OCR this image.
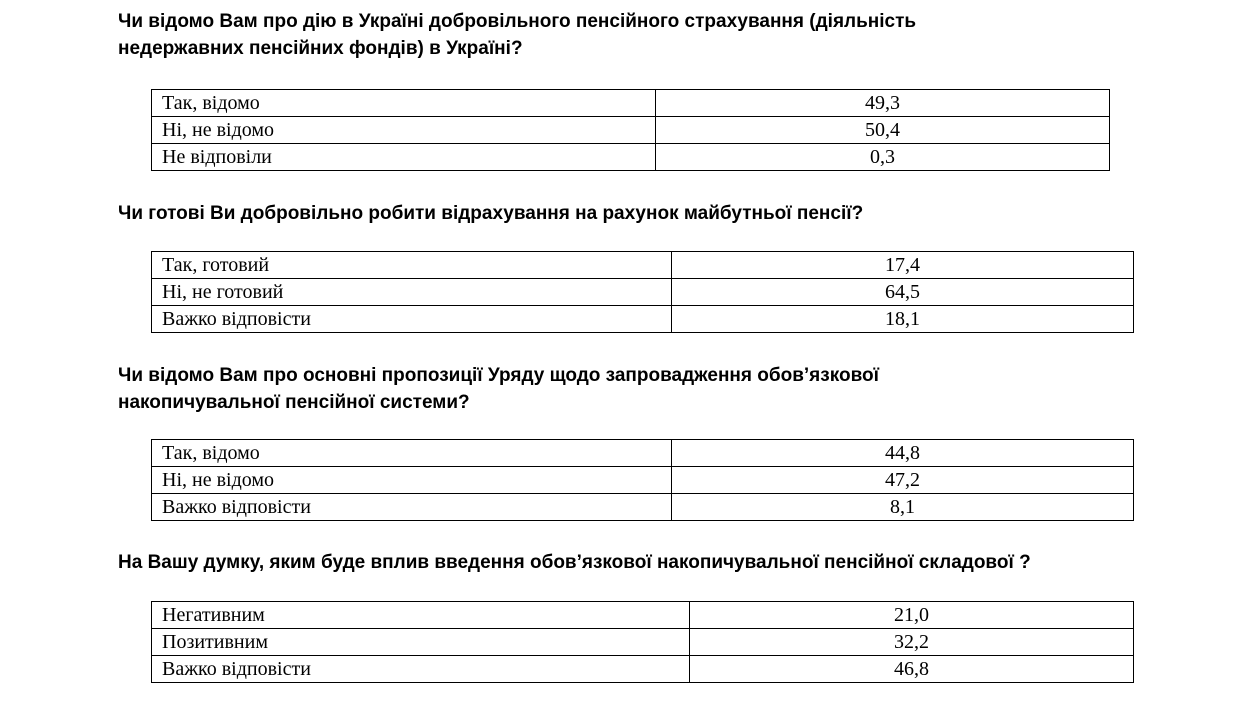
Чи відомо Вам про дію в Україні добровільного пенсійного страхування (діяльність
недержавних пенсійних фондів) в Україні?

Так, відомо	49,3
Ні, не відомо	50,4
Не відповіли	0,3

Чи готові Ви добровільно робити відрахування на рахунок майбутньої пенсії?

Так, готовий	17,4
Ні, не готовий	64,5
Важко відповісти	18,1

Чи відомо Вам про основні пропозиції Уряду щодо запровадження обов’язкової
накопичувальної пенсійної системи?

Так, відомо	44,8
Ні, не відомо	47,2
Важко відповісти	8,1

На Вашу думку, яким буде вплив введення обов’язкової накопичувальної пенсійної складової ?

Негативним	21,0
Позитивним	32,2
Важко відповісти	46,8
